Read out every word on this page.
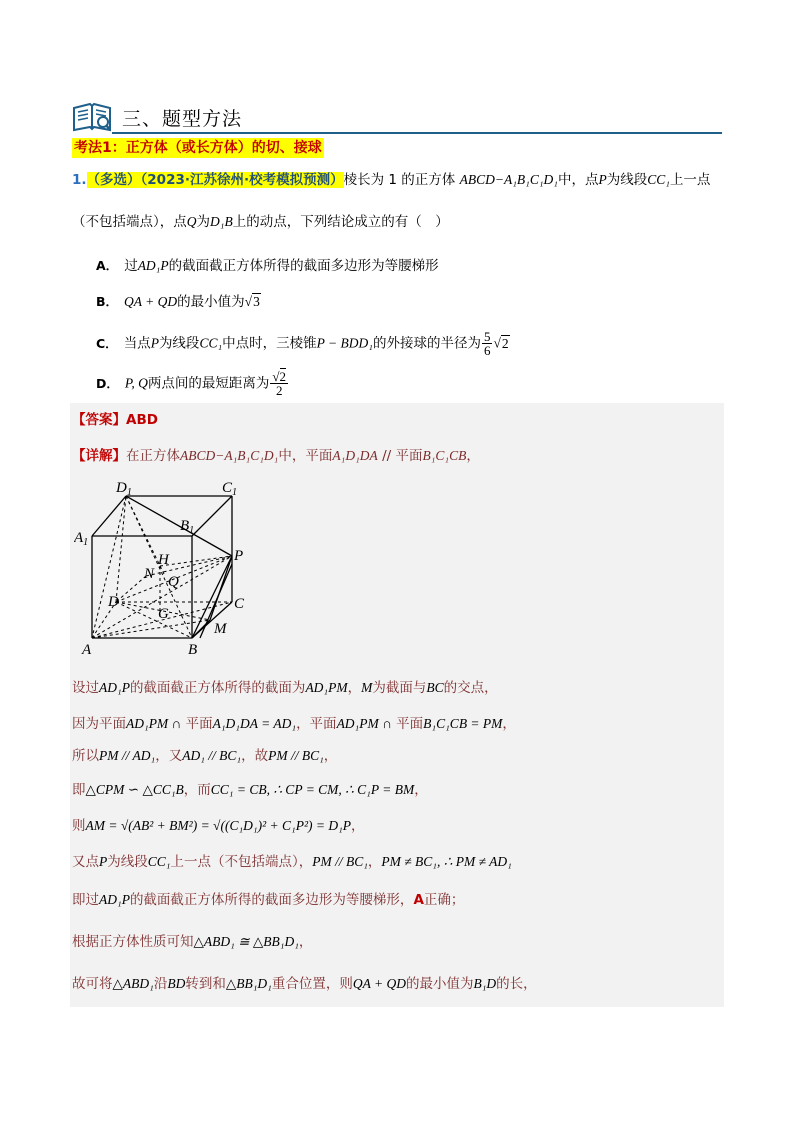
三、题型方法
考法1：正方体（或长方体）的切、接球
1.（多选）（2023·江苏徐州·校考模拟预测）棱长为 1 的正方体 ABCD−A₁B₁C₁D₁中，点P为线段CC₁上一点
（不包括端点），点Q为D₁B上的动点，下列结论成立的有（　）
A． 过AD₁P的截面截正方体所得的截面多边形为等腰梯形
B． QA + QD的最小值为√3
C． 当点P为线段CC₁中点时，三棱锥P − BDD₁的外接球的半径为 $\frac{5}{6} √2$
D． P, Q两点间的最短距离为 $\frac{√2}{2}$
【答案】ABD
【详解】在正方体ABCD−A₁B₁C₁D₁中，平面A₁D₁DA // 平面B₁C₁CB，
$D_1$	$C_1$
$B_1$
$A_1$
H	P
N Q
D	C
G
M
A	B
设过AD₁P的截面截正方体所得的截面为AD₁PM，M为截面与BC的交点，
因为平面AD₁PM ∩ 平面A₁D₁DA = AD₁，平面AD₁PM ∩ 平面B₁C₁CB = PM，
所以PM // AD₁，又AD₁ // BC₁，故PM // BC₁，
即△CPM ∽ △CC₁B，而CC₁ = CB, ∴ CP = CM, ∴ C₁P = BM，
则AM = √(AB² + BM²) = √((C₁D₁)² + C₁P²) = D₁P，
又点P为线段CC₁上一点（不包括端点），PM // BC₁，PM ≠ BC₁, ∴ PM ≠ AD₁
即过AD₁P的截面截正方体所得的截面多边形为等腰梯形，A正确；
根据正方体性质可知△ABD₁ ≅ △BB₁D₁，
故可将△ABD₁沿BD转到和△BB₁D₁重合位置，则QA + QD的最小值为B₁D的长，
